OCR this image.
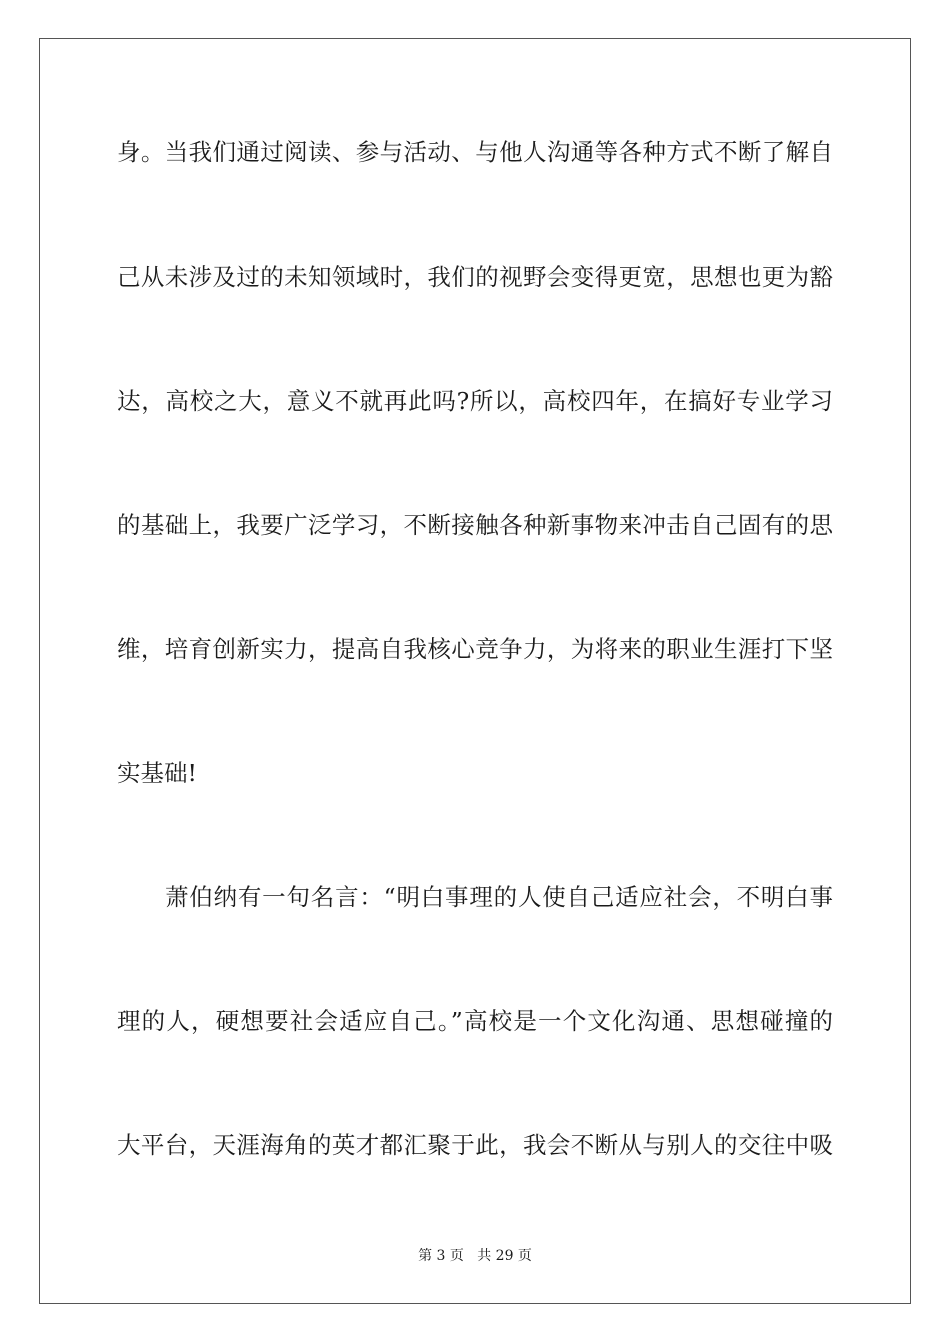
身。当我们通过阅读、参与活动、与他人沟通等各种方式不断了解自
己从未涉及过的未知领域时，我们的视野会变得更宽，思想也更为豁
达，高校之大，意义不就再此吗?所以，高校四年，在搞好专业学习
的基础上，我要广泛学习，不断接触各种新事物来冲击自己固有的思
维，培育创新实力，提高自我核心竞争力，为将来的职业生涯打下坚
实基础!
萧伯纳有一句名言：“明白事理的人使自己适应社会，不明白事
理的人，硬想要社会适应自己。”高校是一个文化沟通、思想碰撞的
大平台，天涯海角的英才都汇聚于此，我会不断从与别人的交往中吸
第 3 页   共 29 页
